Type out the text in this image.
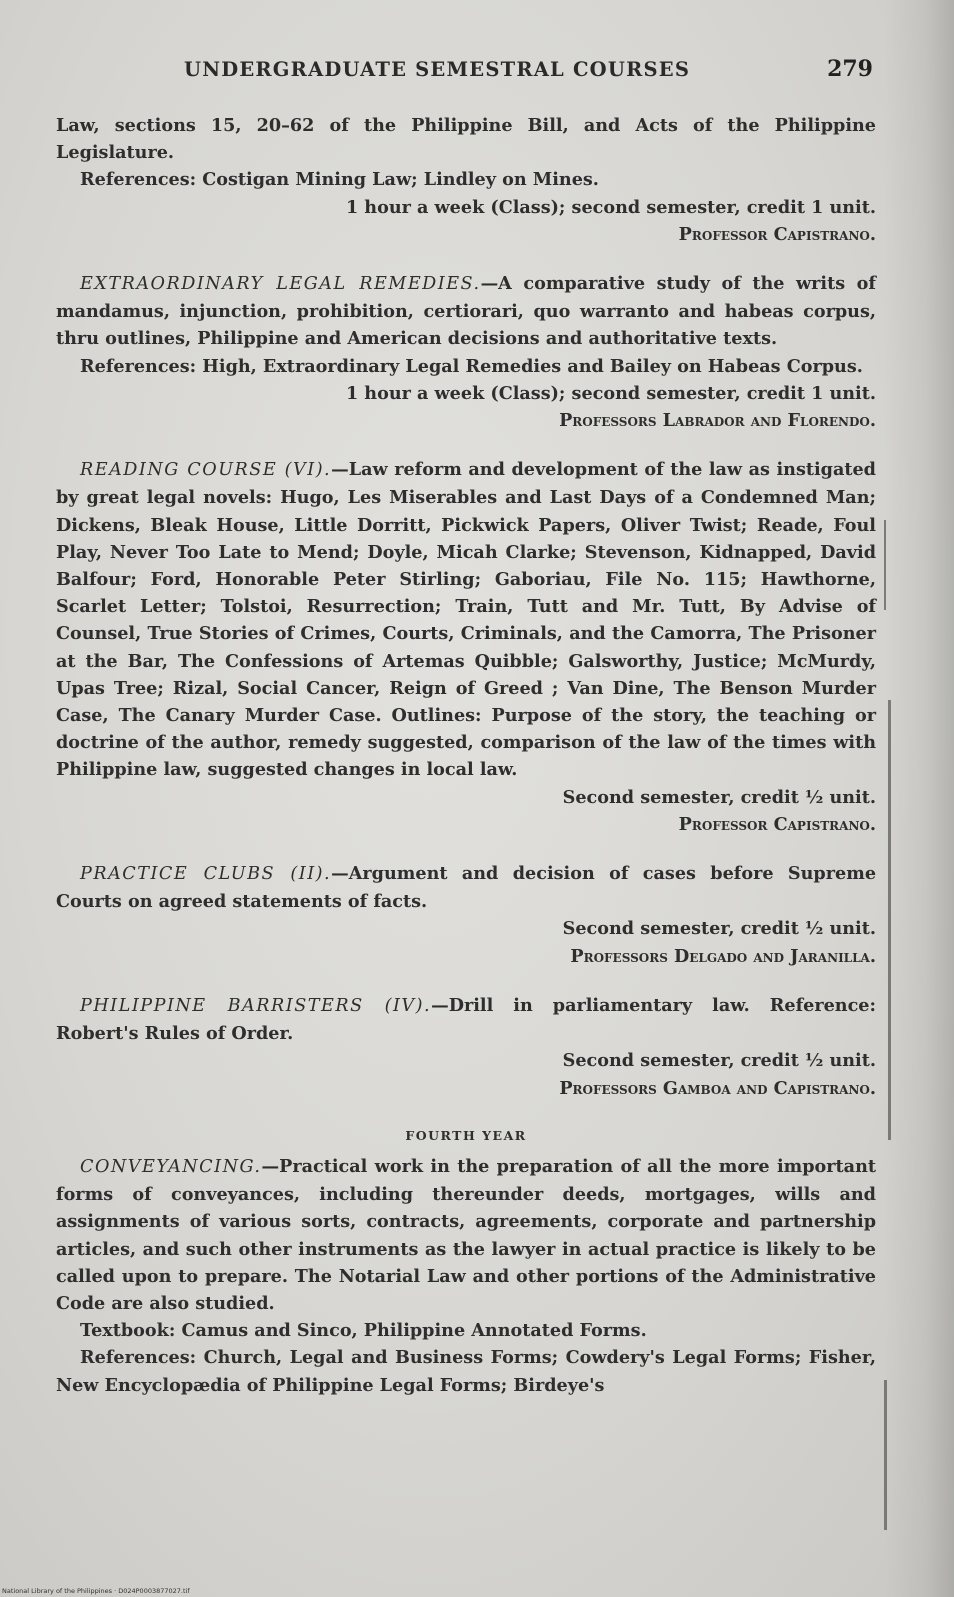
UNDERGRADUATE SEMESTRAL COURSES	279

Law, sections 15, 20–62 of the Philippine Bill, and Acts of the Philippine Legislature.

References: Costigan Mining Law; Lindley on Mines.

1 hour a week (Class); second semester, credit 1 unit.

Professor Capistrano.

EXTRAORDINARY LEGAL REMEDIES.—A comparative study of the writs of mandamus, injunction, prohibition, certiorari, quo warranto and habeas corpus, thru outlines, Philippine and American decisions and authoritative texts.

References: High, Extraordinary Legal Remedies and Bailey on Habeas Corpus.

1 hour a week (Class); second semester, credit 1 unit.

Professors Labrador and Florendo.

READING COURSE (VI).—Law reform and development of the law as instigated by great legal novels: Hugo, Les Miserables and Last Days of a Condemned Man; Dickens, Bleak House, Little Dorritt, Pickwick Papers, Oliver Twist; Reade, Foul Play, Never Too Late to Mend; Doyle, Micah Clarke; Stevenson, Kidnapped, David Balfour; Ford, Honorable Peter Stirling; Gaboriau, File No. 115; Hawthorne, Scarlet Letter; Tolstoi, Resurrection; Train, Tutt and Mr. Tutt, By Advise of Counsel, True Stories of Crimes, Courts, Criminals, and the Camorra, The Prisoner at the Bar, The Confessions of Artemas Quibble; Galsworthy, Justice; McMurdy, Upas Tree; Rizal, Social Cancer, Reign of Greed ; Van Dine, The Benson Murder Case, The Canary Murder Case. Outlines: Purpose of the story, the teaching or doctrine of the author, remedy suggested, comparison of the law of the times with Philippine law, suggested changes in local law.

Second semester, credit ½ unit.

Professor Capistrano.

PRACTICE CLUBS (II).—Argument and decision of cases before Supreme Courts on agreed statements of facts.

Second semester, credit ½ unit.

Professors Delgado and Jaranilla.

PHILIPPINE BARRISTERS (IV).—Drill in parliamentary law. Reference: Robert's Rules of Order.

Second semester, credit ½ unit.

Professors Gamboa and Capistrano.

FOURTH YEAR

CONVEYANCING.—Practical work in the preparation of all the more important forms of conveyances, including thereunder deeds, mortgages, wills and assignments of various sorts, contracts, agreements, corporate and partnership articles, and such other instruments as the lawyer in actual practice is likely to be called upon to prepare. The Notarial Law and other portions of the Administrative Code are also studied.

Textbook: Camus and Sinco, Philippine Annotated Forms.

References: Church, Legal and Business Forms; Cowdery's Legal Forms; Fisher, New Encyclopædia of Philippine Legal Forms; Birdeye's

National Library of the Philippines · D024P0003877027.tif
